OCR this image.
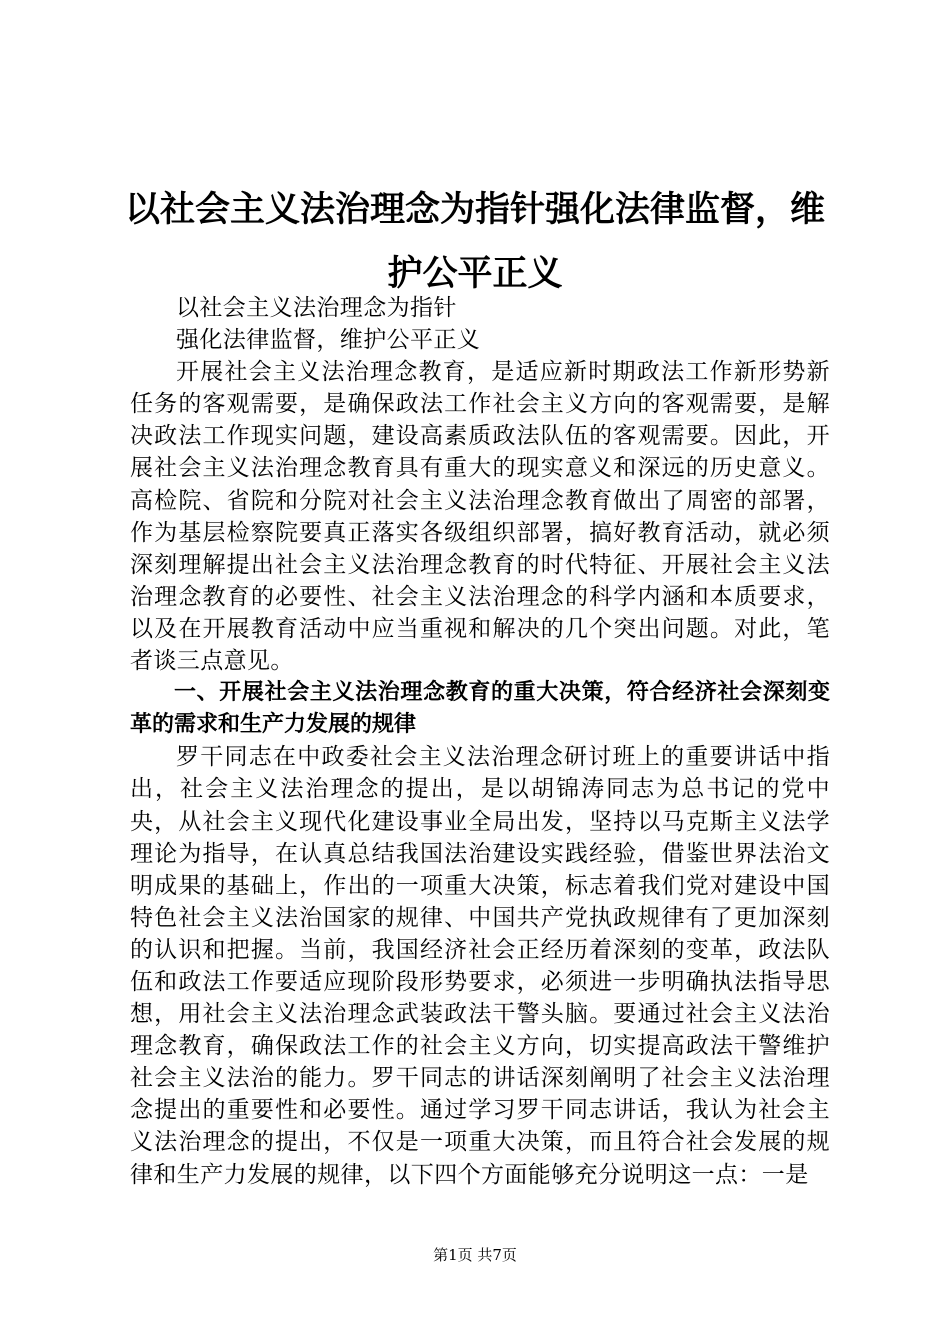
以社会主义法治理念为指针强化法律监督，维护公平正义

以社会主义法治理念为指针

强化法律监督，维护公平正义

开展社会主义法治理念教育，是适应新时期政法工作新形势新任务的客观需要，是确保政法工作社会主义方向的客观需要，是解决政法工作现实问题，建设高素质政法队伍的客观需要。因此，开展社会主义法治理念教育具有重大的现实意义和深远的历史意义。高检院、省院和分院对社会主义法治理念教育做出了周密的部署，作为基层检察院要真正落实各级组织部署，搞好教育活动，就必须深刻理解提出社会主义法治理念教育的时代特征、开展社会主义法治理念教育的必要性、社会主义法治理念的科学内涵和本质要求，以及在开展教育活动中应当重视和解决的几个突出问题。对此，笔者谈三点意见。

一、开展社会主义法治理念教育的重大决策，符合经济社会深刻变革的需求和生产力发展的规律

罗干同志在中政委社会主义法治理念研讨班上的重要讲话中指出，社会主义法治理念的提出，是以胡锦涛同志为总书记的党中央，从社会主义现代化建设事业全局出发，坚持以马克斯主义法学理论为指导，在认真总结我国法治建设实践经验，借鉴世界法治文明成果的基础上，作出的一项重大决策，标志着我们党对建设中国特色社会主义法治国家的规律、中国共产党执政规律有了更加深刻的认识和把握。当前，我国经济社会正经历着深刻的变革，政法队伍和政法工作要适应现阶段形势要求，必须进一步明确执法指导思想，用社会主义法治理念武装政法干警头脑。要通过社会主义法治理念教育，确保政法工作的社会主义方向，切实提高政法干警维护社会主义法治的能力。罗干同志的讲话深刻阐明了社会主义法治理念提出的重要性和必要性。通过学习罗干同志讲话，我认为社会主义法治理念的提出，不仅是一项重大决策，而且符合社会发展的规律和生产力发展的规律，以下四个方面能够充分说明这一点：一是

第1页 共7页
